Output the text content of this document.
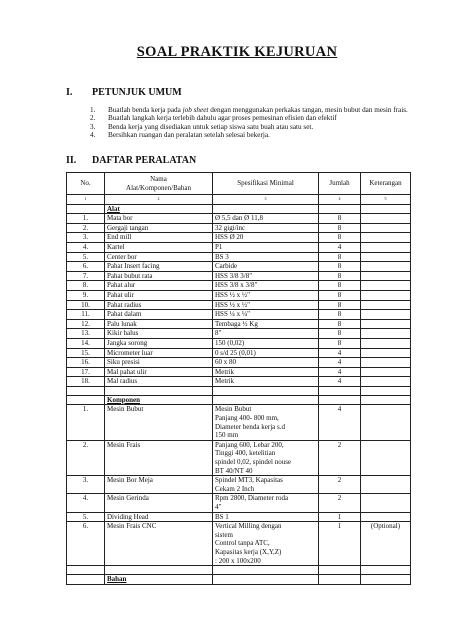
SOAL PRAKTIK KEJURUAN
I. PETUNJUK UMUM
1.	Buatlah benda kerja pada job sheet dengan menggunakan perkakas tangan, mesin bubut dan mesin frais.
2.	Buatlah langkah kerja terlebih dahulu agar proses pemesinan efisien dan efektif
3.	Benda kerja yang disediakan untuk setiap siswa satu buah atau satu set.
4.	Bersihkan ruangan dan peralatan setelah selesai bekerja.
II. DAFTAR PERALATAN
No.	Nama
Alat/Komponen/Bahan	Spesifikasi Minimal	Jumlah	Keterangan
1	2	3	4	5
	Alat			
1.	Mata bor	Ø 5,5 dan Ø 11,8	8	
2.	Gergaji tangan	32 gigi/inc	8	
3.	End mill	HSS Ø 20	8	
4.	Kartel	P1	4	
5.	Center bor	BS 3	8	
6.	Pahat Insert facing	Carbide	8	
7.	Pahat bubut rata	HSS 3/8 3/8"	8	
8.	Pahat alur	HSS 3/8 x 3/8"	8	
9.	Pahat ulir	HSS ½ x ½"	8	
10.	Pahat radius	HSS ½ x ½"	8	
11.	Pahat dalam	HSS ¼ x ¼"	8	
12.	Palu lunak	Tembaga ½ Kg	8	
13.	Kikir halus	8"	8	
14.	Jangka sorong	150 (0,02)	8	
15.	Micrometer luar	0 s/d 25 (0,01)	4	
16.	Siku presisi	60 x 80	4	
17.	Mal pahat ulir	Metrik	4	
18.	Mal radius	Metrik	4	

	Komponen			
1.	Mesin Bubut	Mesin Bubut
Panjang 400- 800 mm,
Diameter benda kerja s.d
150 mm	4	
2.	Mesin Frais	Panjang 600, Lebar 200,
Tinggi 400, ketelitian
spindel 0,02, spindel nouse
BT 40/NT 40	2	
3.	Mesin Bor Meja	Spindel MT3, Kapasitas
Cekam 2 Inch	2	
4.	Mesin Gerinda	Rpm 2800, Diameter roda
4"	2	
5.	Dividing Head	BS 1	1	
6.	Mesin Frais CNC	Vertical Milling dengan
sistem
Control tanpa ATC,
Kapasitas kerja (X,Y,Z)
: 200 x 100x200	1	(Optional)

	Bahan			
